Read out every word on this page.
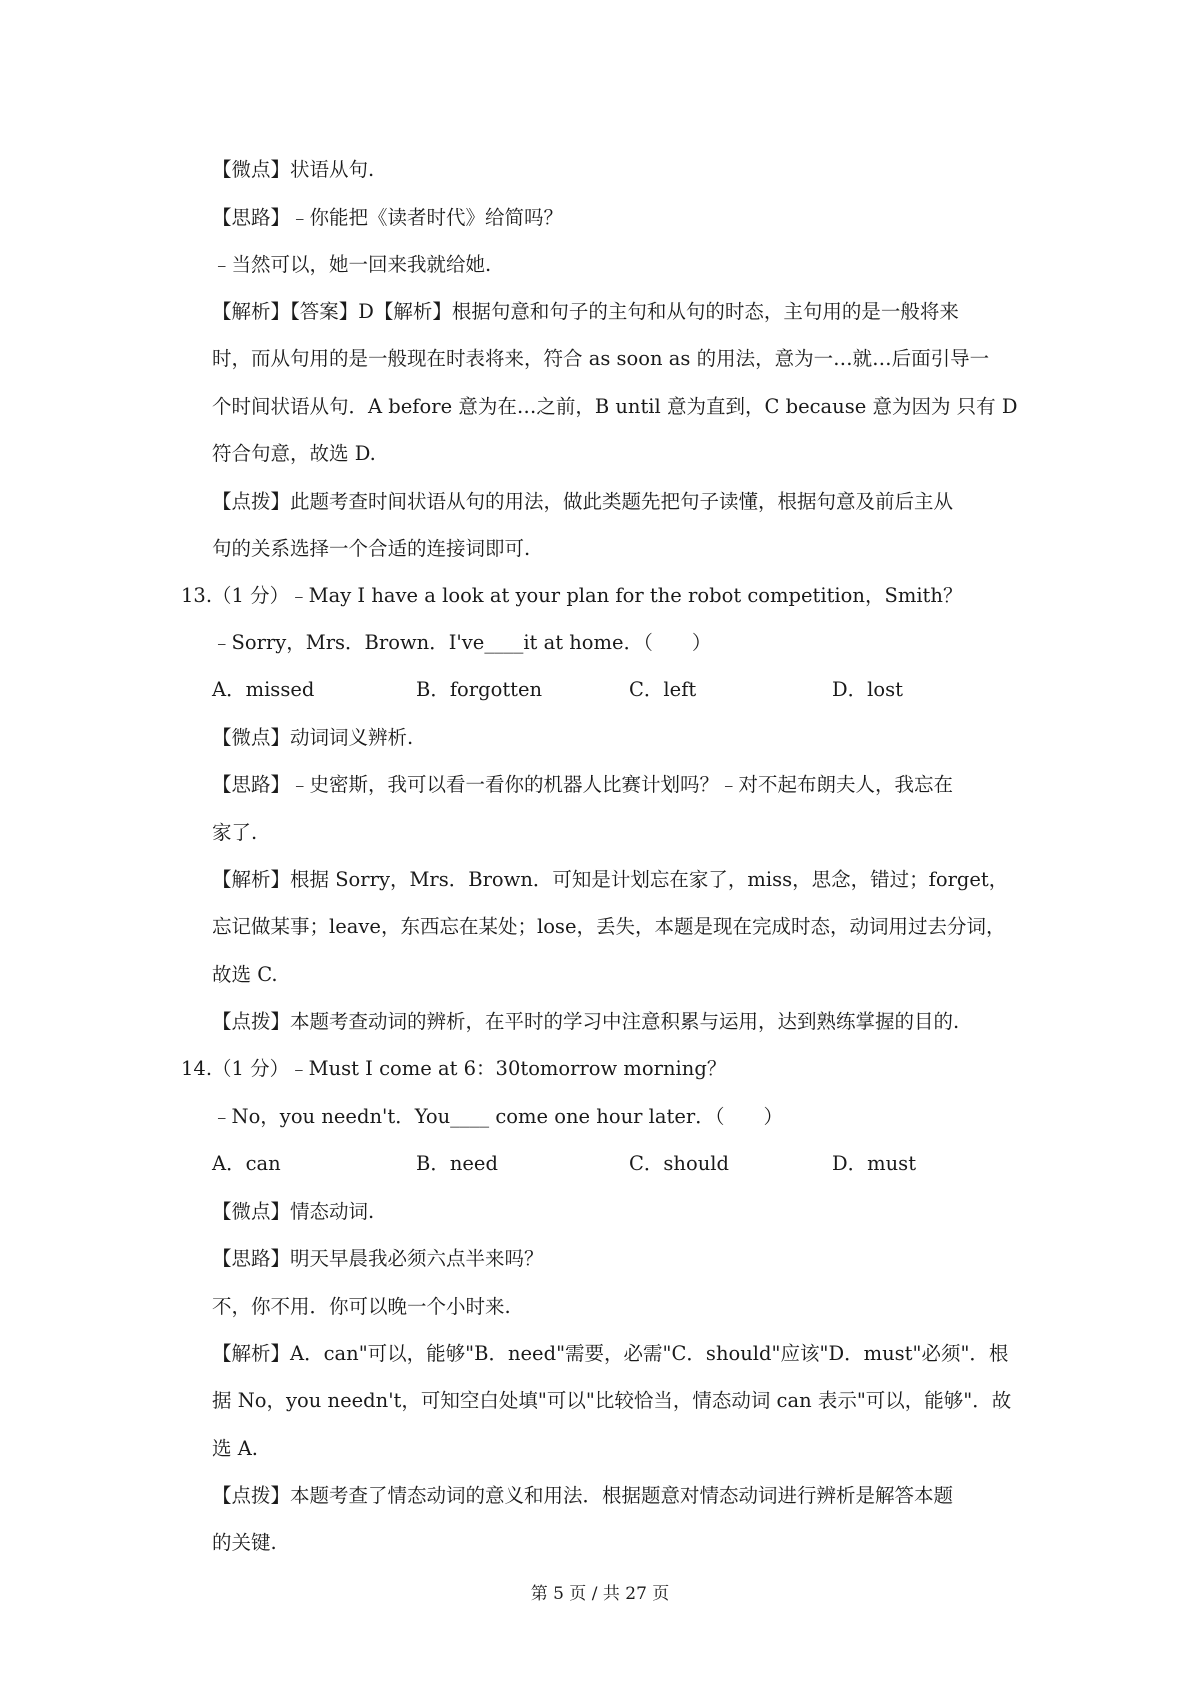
【微点】状语从句.

【思路】﹣你能把《读者时代》给简吗？

﹣当然可以，她一回来我就给她.

【解析】【答案】D【解析】根据句意和句子的主句和从句的时态，主句用的是一般将来

时，而从句用的是一般现在时表将来，符合 as soon as 的用法，意为一…就…后面引导一

个时间状语从句．A before 意为在…之前，B until 意为直到，C because 意为因为 只有 D

符合句意，故选 D.

【点拨】此题考查时间状语从句的用法，做此类题先把句子读懂，根据句意及前后主从

句的关系选择一个合适的连接词即可.

13.（1 分）﹣May I have a look at your plan for the robot competition，Smith？

﹣Sorry，Mrs．Brown．I've____it at home．（　　）

A．missed	B．forgotten	C．left	D．lost

【微点】动词词义辨析.

【思路】﹣史密斯，我可以看一看你的机器人比赛计划吗？﹣对不起布朗夫人，我忘在

家了.

【解析】根据 Sorry，Mrs．Brown．可知是计划忘在家了，miss，思念，错过；forget，

忘记做某事；leave，东西忘在某处；lose，丢失，本题是现在完成时态，动词用过去分词，

故选 C.

【点拨】本题考查动词的辨析，在平时的学习中注意积累与运用，达到熟练掌握的目的.

14.（1 分）﹣Must I come at 6：30tomorrow morning？

﹣No，you needn't．You____ come one hour later．（　　）

A．can	B．need	C．should	D．must

【微点】情态动词.

【思路】明天早晨我必须六点半来吗？

不，你不用．你可以晚一个小时来.

【解析】A．can"可以，能够"B．need"需要，必需"C．should"应该"D．must"必须"．根

据 No，you needn't，可知空白处填"可以"比较恰当，情态动词 can 表示"可以，能够"．故

选 A.

【点拨】本题考查了情态动词的意义和用法．根据题意对情态动词进行辨析是解答本题

的关键.

第 5 页 / 共 27 页
